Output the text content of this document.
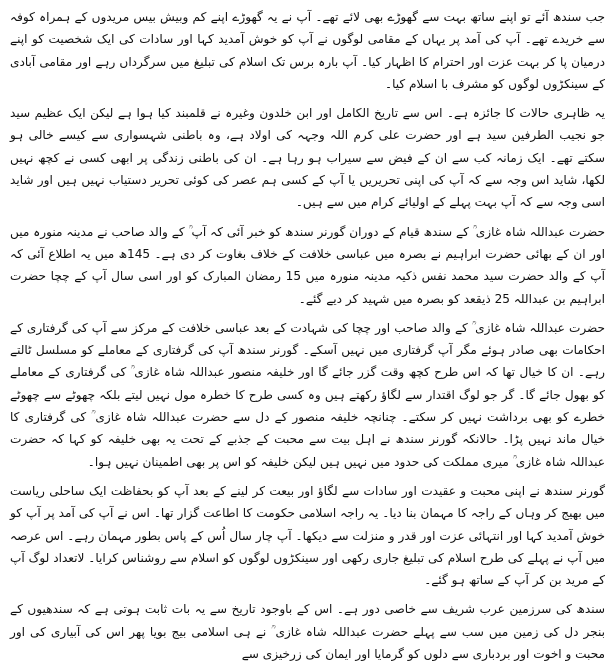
جب سندھ آئے تو اپنے ساتھ بہت سے گھوڑے بھی لائے تھے۔ آپ نے یہ گھوڑے اپنے کم وبیش بیس مریدوں کے ہمراہ کوفہ سے خریدے تھے۔ آپ کی آمد پر یہاں کے مقامی لوگوں نے آپ کو خوش آمدید کہا اور سادات کی ایک شخصیت کو اپنے درمیان پا کر بہت عزت اور احترام کا اظہار کیا۔ آپ بارہ برس تک اسلام کی تبلیغ میں سرگرداں رہے اور مقامی آبادی کے سینکڑوں لوگوں کو مشرف با اسلام کیا۔

یہ ظاہری حالات کا جائزہ ہے۔ اس سے تاریخ الکامل اور ابن خلدون وغیرہ نے قلمبند کیا ہوا ہے لیکن ایک عظیم سید جو نجیب الطرفین سید ہے اور حضرت علی کرم اللہ وجہہ کی اولاد ہے، وہ باطنی شہسواری سے کیسے خالی ہو سکتے تھے۔ ایک زمانہ کب سے ان کے فیض سے سیراب ہو رہا ہے۔ ان کی باطنی زندگی پر ابھی کسی نے کچھ نہیں لکھا، شاید اس وجہ سے کہ آپ کی اپنی تحریریں یا آپ کے کسی ہم عصر کی کوئی تحریر دستیاب نہیں ہیں اور شاید اسی وجہ سے کہ آپ بہت پہلے کے اولیائے کرام میں سے ہیں۔

حضرت عبداللہ شاہ غازی ؒ کے سندھ قیام کے دوران گورنر سندھ کو خبر آئی کہ آپ ؒ کے والد صاحب نے مدینہ منورہ میں اور ان کے بھائی حضرت ابراہیم نے بصرہ میں عباسی خلافت کے خلاف بغاوت کر دی ہے۔ 145ھ میں یہ اطلاع آئی کہ آپ کے والد حضرت سید محمد نفس ذکیہ مدینہ منورہ میں 15 رمضان المبارک کو اور اسی سال آپ کے چچا حضرت ابراہیم بن عبداللہ 25 ذیقعد کو بصرہ میں شہید کر دیے گئے۔

حضرت عبداللہ شاہ غازی ؒ کے والد صاحب اور چچا کی شہادت کے بعد عباسی خلافت کے مرکز سے آپ کی گرفتاری کے احکامات بھی صادر ہوئے مگر آپ گرفتاری میں نہیں آسکے۔ گورنر سندھ آپ کی گرفتاری کے معاملے کو مسلسل ٹالتے رہے۔ ان کا خیال تھا کہ اس طرح کچھ وقت گزر جائے گا اور خلیفہ منصور عبداللہ شاہ غازی ؒ کی گرفتاری کے معاملے کو بھول جائے گا۔ گر جو لوگ اقتدار سے لگاؤ رکھتے ہیں وہ کسی طرح کا خطرہ مول نہیں لیتے بلکہ چھوٹے سے چھوٹے خطرے کو بھی برداشت نہیں کر سکتے۔ چنانچہ خلیفہ منصور کے دل سے حضرت عبداللہ شاہ غازی ؒ کی گرفتاری کا خیال ماند نہیں پڑا۔ حالانکہ گورنر سندھ نے اہل بیت سے محبت کے جذبے کے تحت یہ بھی خلیفہ کو کہا کہ حضرت عبداللہ شاہ غازی ؒ میری مملکت کی حدود میں نہیں ہیں لیکن خلیفہ کو اس پر بھی اطمینان نہیں ہوا۔

گورنر سندھ نے اپنی محبت و عقیدت اور سادات سے لگاؤ اور بیعت کر لینے کے بعد آپ کو بحفاظت ایک ساحلی ریاست میں بھیج کر وہاں کے راجہ کا مہمان بنا دیا۔ یہ راجہ اسلامی حکومت کا اطاعت گزار تھا۔ اس نے آپ کی آمد پر آپ کو خوش آمدید کہا اور انتہائی عزت اور قدر و منزلت سے دیکھا۔ آپ چار سال اُس کے پاس بطور مہمان رہے۔ اس عرصہ میں آپ نے پہلے کی طرح اسلام کی تبلیغ جاری رکھی اور سینکڑوں لوگوں کو اسلام سے روشناس کرایا۔ لاتعداد لوگ آپ کے مرید بن کر آپ کے ساتھ ہو گئے۔

سندھ کی سرزمین عرب شریف سے خاصی دور ہے۔ اس کے باوجود تاریخ سے یہ بات ثابت ہوتی ہے کہ سندھیوں کے بنجر دل کی زمین میں سب سے پہلے حضرت عبداللہ شاہ غازی ؒ نے ہی اسلامی بیج بویا پھر اس کی آبیاری کی اور محبت و اخوت اور بردباری سے دلوں کو گرمایا اور ایمان کی زرخیزی سے
